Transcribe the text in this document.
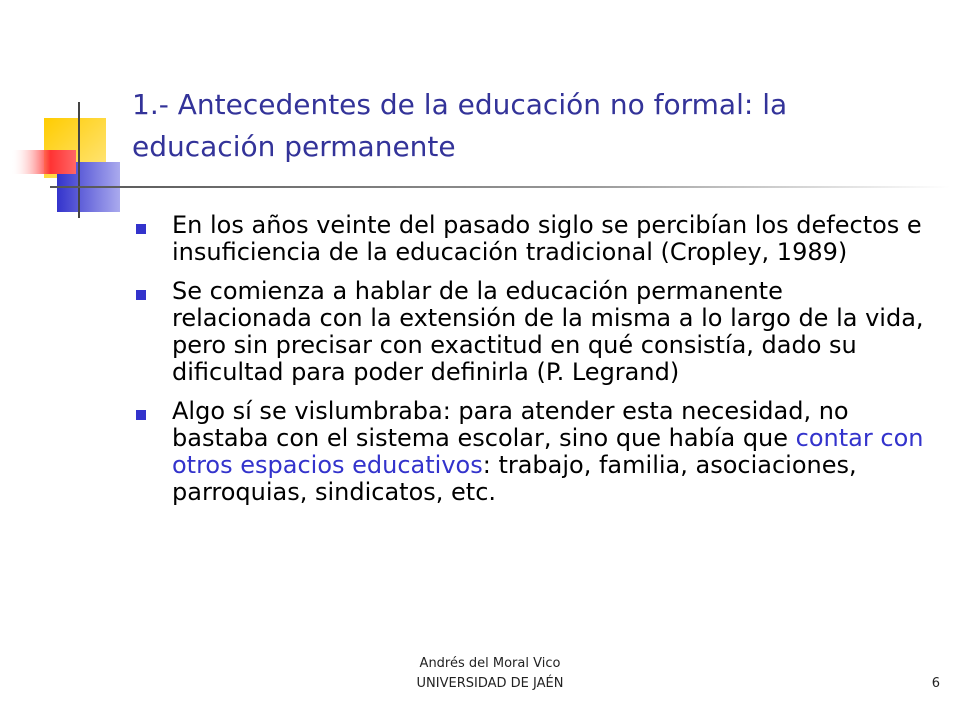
1.- Antecedentes de la educación no formal: la educación permanente
En los años veinte del pasado siglo se percibían los defectos e insuficiencia de la educación tradicional (Cropley, 1989)
Se comienza a hablar de la educación permanente relacionada con la extensión de la misma a lo largo de la vida, pero sin precisar con exactitud en qué consistía, dado su dificultad para poder definirla (P. Legrand)
Algo sí se vislumbraba: para atender esta necesidad, no bastaba con el sistema escolar, sino que había que contar con otros espacios educativos: trabajo, familia, asociaciones, parroquias, sindicatos, etc.
Andrés del Moral Vico
UNIVERSIDAD DE JAÉN	6
